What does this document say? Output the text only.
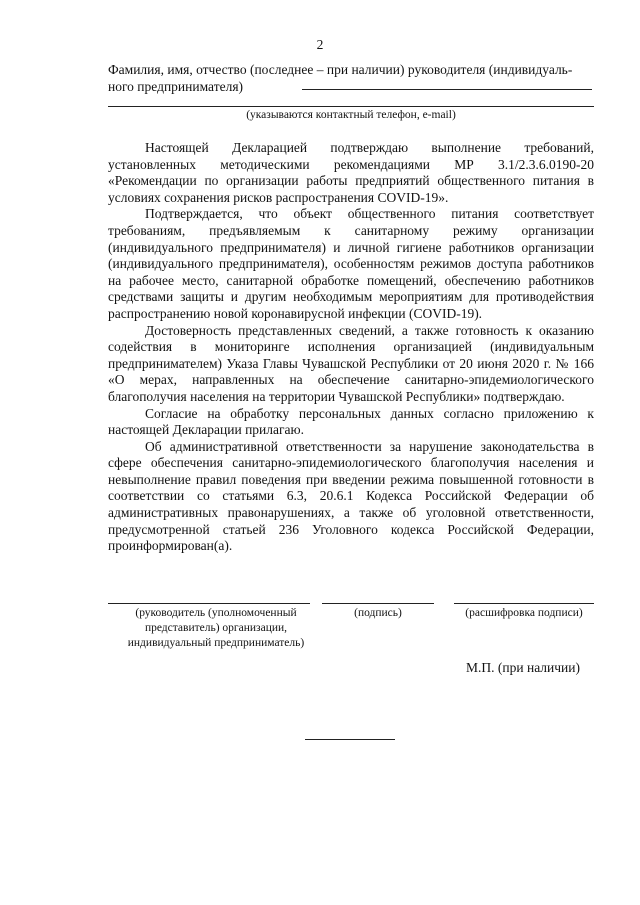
2
Фамилия, имя, отчество (последнее – при наличии) руководителя (индивидуаль-
ного предпринимателя)
(указываются контактный телефон, e-mail)

Настоящей Декларацией подтверждаю выполнение требований, установленных методическими рекомендациями МР 3.1/2.3.6.0190-20 «Рекомендации по организации работы предприятий общественного питания в условиях сохранения рисков распространения COVID-19».

Подтверждается, что объект общественного питания соответствует требованиям, предъявляемым к санитарному режиму организации (индивидуального предпринимателя) и личной гигиене работников организации (индивидуального предпринимателя), особенностям режимов доступа работников на рабочее место, санитарной обработке помещений, обеспечению работников средствами защиты и другим необходимым мероприятиям для противодействия распространению новой коронавирусной инфекции (COVID-19).

Достоверность представленных сведений, а также готовность к оказанию содействия в мониторинге исполнения организацией (индивидуальным предпринимателем) Указа Главы Чувашской Республики от 20 июня 2020 г. № 166 «О мерах, направленных на обеспечение санитарно-эпидемиологического благополучия населения на территории Чувашской Республики» подтверждаю.

Согласие на обработку персональных данных согласно приложению к настоящей Декларации прилагаю.

Об административной ответственности за нарушение законодательства в сфере обеспечения санитарно-эпидемиологического благополучия населения и невыполнение правил поведения при введении режима повышенной готовности в соответствии со статьями 6.3, 20.6.1 Кодекса Российской Федерации об административных правонарушениях, а также об уголовной ответственности, предусмотренной статьей 236 Уголовного кодекса Российской Федерации, проинформирован(а).

(руководитель (уполномоченный представитель) организации, индивидуальный предприниматель)
(подпись)	(расшифровка подписи)
М.П. (при наличии)
